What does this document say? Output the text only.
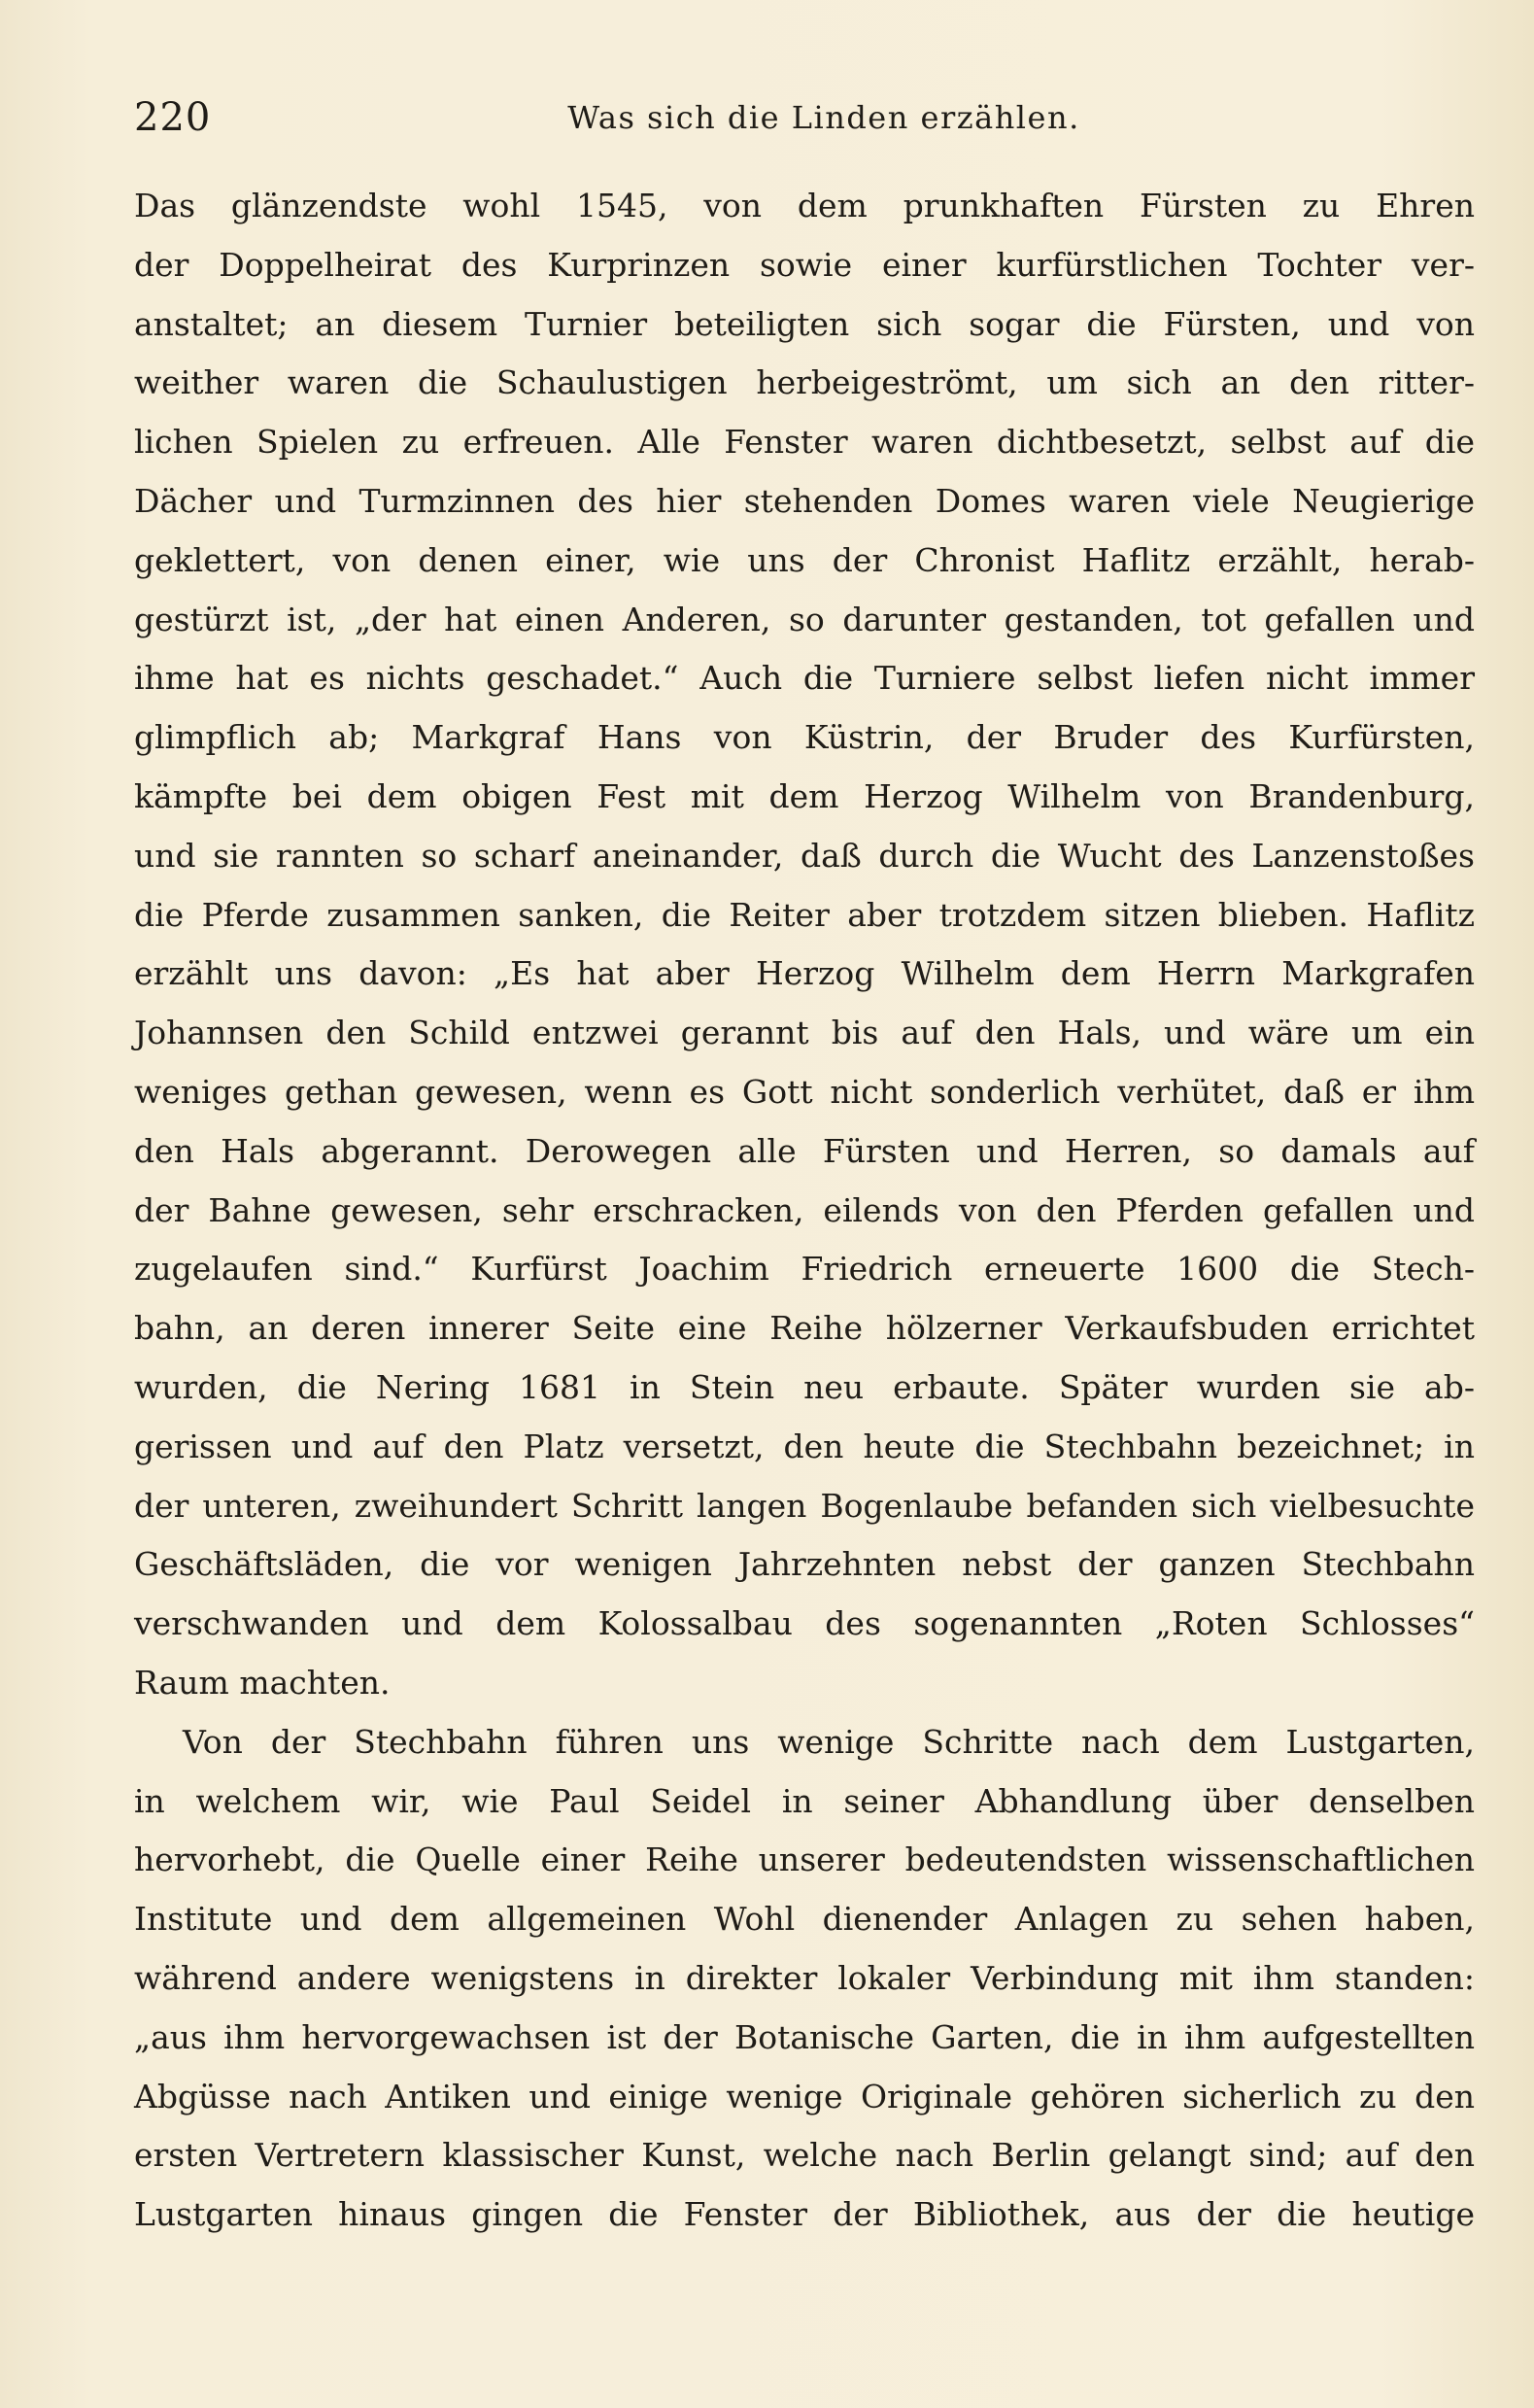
220	Was sich die Linden erzählen.
Das glänzendste wohl 1545, von dem prunkhaften Fürsten zu Ehren
der Doppelheirat des Kurprinzen sowie einer kurfürstlichen Tochter ver-
anstaltet; an diesem Turnier beteiligten sich sogar die Fürsten, und von
weither waren die Schaulustigen herbeigeströmt, um sich an den ritter-
lichen Spielen zu erfreuen. Alle Fenster waren dichtbesetzt, selbst auf die
Dächer und Turmzinnen des hier stehenden Domes waren viele Neugierige
geklettert, von denen einer, wie uns der Chronist Haflitz erzählt, herab-
gestürzt ist, „der hat einen Anderen, so darunter gestanden, tot gefallen und
ihme hat es nichts geschadet.“ Auch die Turniere selbst liefen nicht immer
glimpflich ab; Markgraf Hans von Küstrin, der Bruder des Kurfürsten,
kämpfte bei dem obigen Fest mit dem Herzog Wilhelm von Brandenburg,
und sie rannten so scharf aneinander, daß durch die Wucht des Lanzenstoßes
die Pferde zusammen sanken, die Reiter aber trotzdem sitzen blieben. Haflitz
erzählt uns davon: „Es hat aber Herzog Wilhelm dem Herrn Markgrafen
Johannsen den Schild entzwei gerannt bis auf den Hals, und wäre um ein
weniges gethan gewesen, wenn es Gott nicht sonderlich verhütet, daß er ihm
den Hals abgerannt. Derowegen alle Fürsten und Herren, so damals auf
der Bahne gewesen, sehr erschracken, eilends von den Pferden gefallen und
zugelaufen sind.“ Kurfürst Joachim Friedrich erneuerte 1600 die Stech-
bahn, an deren innerer Seite eine Reihe hölzerner Verkaufsbuden errichtet
wurden, die Nering 1681 in Stein neu erbaute. Später wurden sie ab-
gerissen und auf den Platz versetzt, den heute die Stechbahn bezeichnet; in
der unteren, zweihundert Schritt langen Bogenlaube befanden sich vielbesuchte
Geschäftsläden, die vor wenigen Jahrzehnten nebst der ganzen Stechbahn
verschwanden und dem Kolossalbau des sogenannten „Roten Schlosses“
Raum machten.
Von der Stechbahn führen uns wenige Schritte nach dem Lustgarten,
in welchem wir, wie Paul Seidel in seiner Abhandlung über denselben
hervorhebt, die Quelle einer Reihe unserer bedeutendsten wissenschaftlichen
Institute und dem allgemeinen Wohl dienender Anlagen zu sehen haben,
während andere wenigstens in direkter lokaler Verbindung mit ihm standen:
„aus ihm hervorgewachsen ist der Botanische Garten, die in ihm aufgestellten
Abgüsse nach Antiken und einige wenige Originale gehören sicherlich zu den
ersten Vertretern klassischer Kunst, welche nach Berlin gelangt sind; auf den
Lustgarten hinaus gingen die Fenster der Bibliothek, aus der die heutige
